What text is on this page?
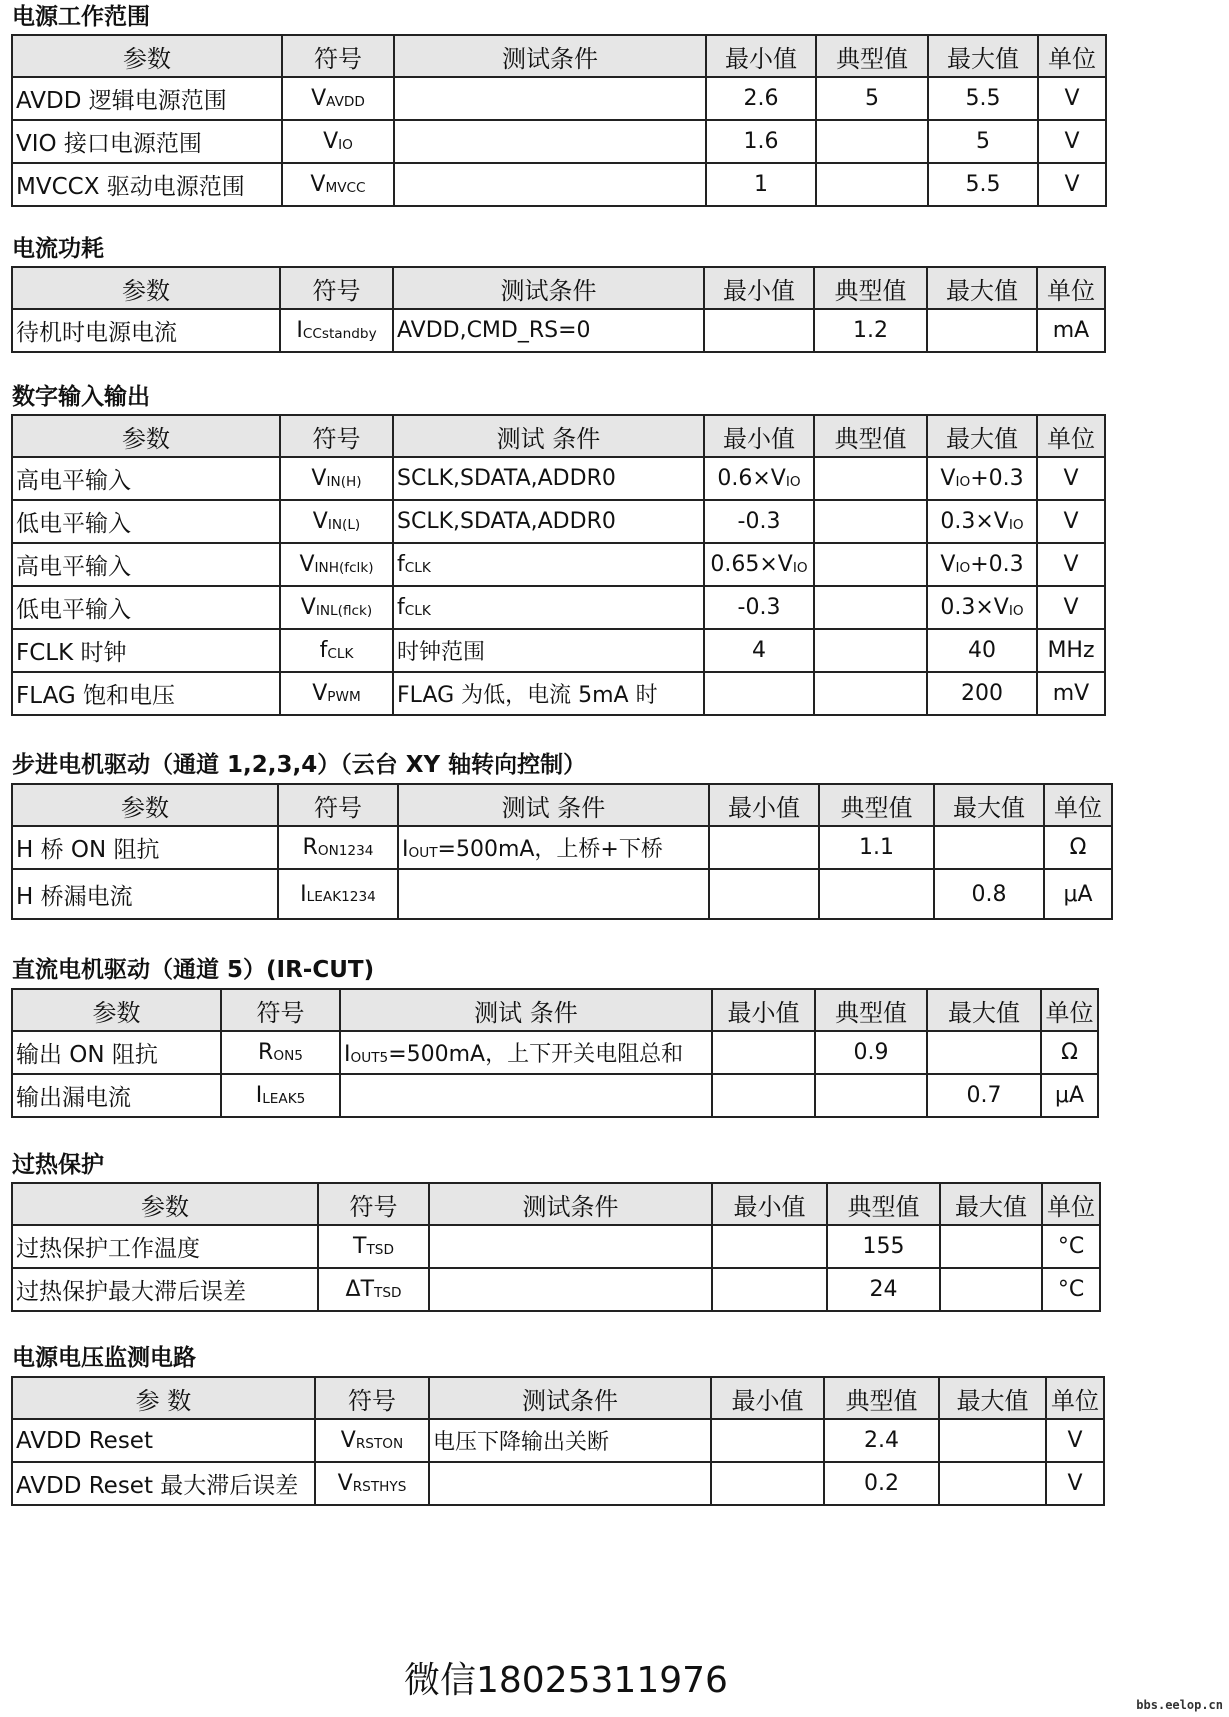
电源工作范围
参数	符号	测试条件	最小值	典型值	最大值	单位
AVDD 逻辑电源范围	VAVDD		2.6	5	5.5	V
VIO 接口电源范围	VIO		1.6		5	V
MVCCX 驱动电源范围	VMVCC		1		5.5	V
电流功耗
参数	符号	测试条件	最小值	典型值	最大值	单位
待机时电源电流	ICCstandby	AVDD,CMD_RS=0		1.2		mA
数字输入输出
参数	符号	测试 条件	最小值	典型值	最大值	单位
高电平输入	VIN(H)	SCLK,SDATA,ADDR0	0.6×VIO		VIO+0.3	V
低电平输入	VIN(L)	SCLK,SDATA,ADDR0	-0.3		0.3×VIO	V
高电平输入	VINH(fclk)	fCLK	0.65×VIO		VIO+0.3	V
低电平输入	VINL(flck)	fCLK	-0.3		0.3×VIO	V
FCLK 时钟	fCLK	时钟范围	4		40	MHz
FLAG 饱和电压	VPWM	FLAG 为低，电流 5mA 时			200	mV
步进电机驱动（通道 1,2,3,4）（云台 XY 轴转向控制）
参数	符号	测试 条件	最小值	典型值	最大值	单位
H 桥 ON 阻抗	RON1234	IOUT=500mA，上桥+下桥		1.1		Ω
H 桥漏电流	ILEAK1234				0.8	μA
直流电机驱动（通道 5）(IR-CUT)
参数	符号	测试 条件	最小值	典型值	最大值	单位
输出 ON 阻抗	RON5	IOUT5=500mA，上下开关电阻总和		0.9		Ω
输出漏电流	ILEAK5				0.7	μA
过热保护
参数	符号	测试条件	最小值	典型值	最大值	单位
过热保护工作温度	TTSD			155		°C
过热保护最大滞后误差	ΔTTSD			24		°C
电源电压监测电路
参 数	符号	测试条件	最小值	典型值	最大值	单位
AVDD Reset	VRSTON	电压下降输出关断		2.4		V
AVDD Reset 最大滞后误差	VRSTHYS			0.2		V
微信18025311976
bbs.eelop.cn
